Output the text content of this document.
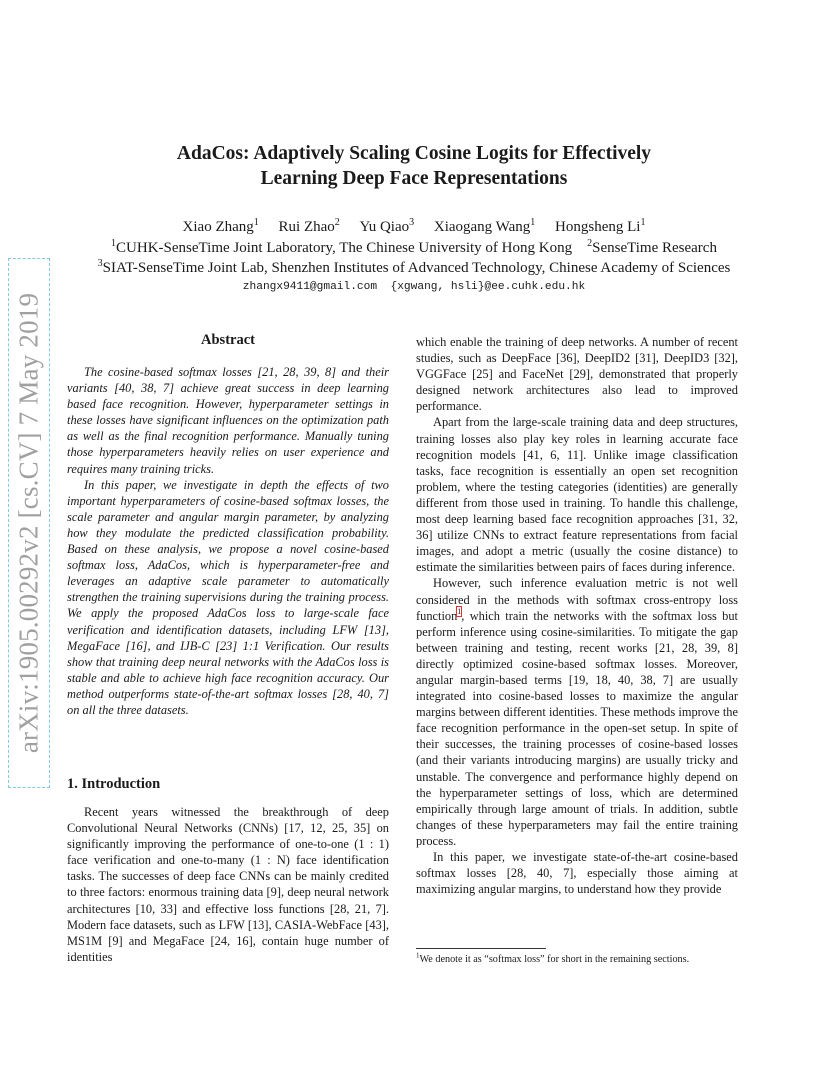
arXiv:1905.00292v2 [cs.CV] 7 May 2019
AdaCos: Adaptively Scaling Cosine Logits for Effectively
Learning Deep Face Representations
Xiao Zhang$^1$ Rui Zhao$^2$ Yu Qiao$^3$ Xiaogang Wang$^1$ Hongsheng Li$^1$
$^1$CUHK-SenseTime Joint Laboratory, The Chinese University of Hong Kong $^2$SenseTime Research
$^3$SIAT-SenseTime Joint Lab, Shenzhen Institutes of Advanced Technology, Chinese Academy of Sciences
zhangx9411@gmail.com  {xgwang, hsli}@ee.cuhk.edu.hk
Abstract

The cosine-based softmax losses [21, 28, 39, 8] and their variants [40, 38, 7] achieve great success in deep learning based face recognition. However, hyperparameter settings in these losses have significant influences on the optimization path as well as the final recognition performance. Manually tuning those hyperparameters heavily relies on user experience and requires many training tricks.

In this paper, we investigate in depth the effects of two important hyperparameters of cosine-based softmax losses, the scale parameter and angular margin parameter, by analyzing how they modulate the predicted classification probability. Based on these analysis, we propose a novel cosine-based softmax loss, AdaCos, which is hyperparameter-free and leverages an adaptive scale parameter to automatically strengthen the training supervisions during the training process. We apply the proposed AdaCos loss to large-scale face verification and identification datasets, including LFW [13], MegaFace [16], and IJB-C [23] 1:1 Verification. Our results show that training deep neural networks with the AdaCos loss is stable and able to achieve high face recognition accuracy. Our method outperforms state-of-the-art softmax losses [28, 40, 7] on all the three datasets.

1. Introduction

Recent years witnessed the breakthrough of deep Convolutional Neural Networks (CNNs) [17, 12, 25, 35] on significantly improving the performance of one-to-one (1 : 1) face verification and one-to-many (1 : N) face identification tasks. The successes of deep face CNNs can be mainly credited to three factors: enormous training data [9], deep neural network architectures [10, 33] and effective loss functions [28, 21, 7]. Modern face datasets, such as LFW [13], CASIA-WebFace [43], MS1M [9] and MegaFace [24, 16], contain huge number of identities

which enable the training of deep networks. A number of recent studies, such as DeepFace [36], DeepID2 [31], DeepID3 [32], VGGFace [25] and FaceNet [29], demonstrated that properly designed network architectures also lead to improved performance.

Apart from the large-scale training data and deep structures, training losses also play key roles in learning accurate face recognition models [41, 6, 11]. Unlike image classification tasks, face recognition is essentially an open set recognition problem, where the testing categories (identities) are generally different from those used in training. To handle this challenge, most deep learning based face recognition approaches [31, 32, 36] utilize CNNs to extract feature representations from facial images, and adopt a metric (usually the cosine distance) to estimate the similarities between pairs of faces during inference.

However, such inference evaluation metric is not well considered in the methods with softmax cross-entropy loss function$^1$, which train the networks with the softmax loss but perform inference using cosine-similarities. To mitigate the gap between training and testing, recent works [21, 28, 39, 8] directly optimized cosine-based softmax losses. Moreover, angular margin-based terms [19, 18, 40, 38, 7] are usually integrated into cosine-based losses to maximize the angular margins between different identities. These methods improve the face recognition performance in the open-set setup. In spite of their successes, the training processes of cosine-based losses (and their variants introducing margins) are usually tricky and unstable. The convergence and performance highly depend on the hyperparameter settings of loss, which are determined empirically through large amount of trials. In addition, subtle changes of these hyperparameters may fail the entire training process.

In this paper, we investigate state-of-the-art cosine-based softmax losses [28, 40, 7], especially those aiming at maximizing angular margins, to understand how they provide

$^1$We denote it as “softmax loss” for short in the remaining sections.
